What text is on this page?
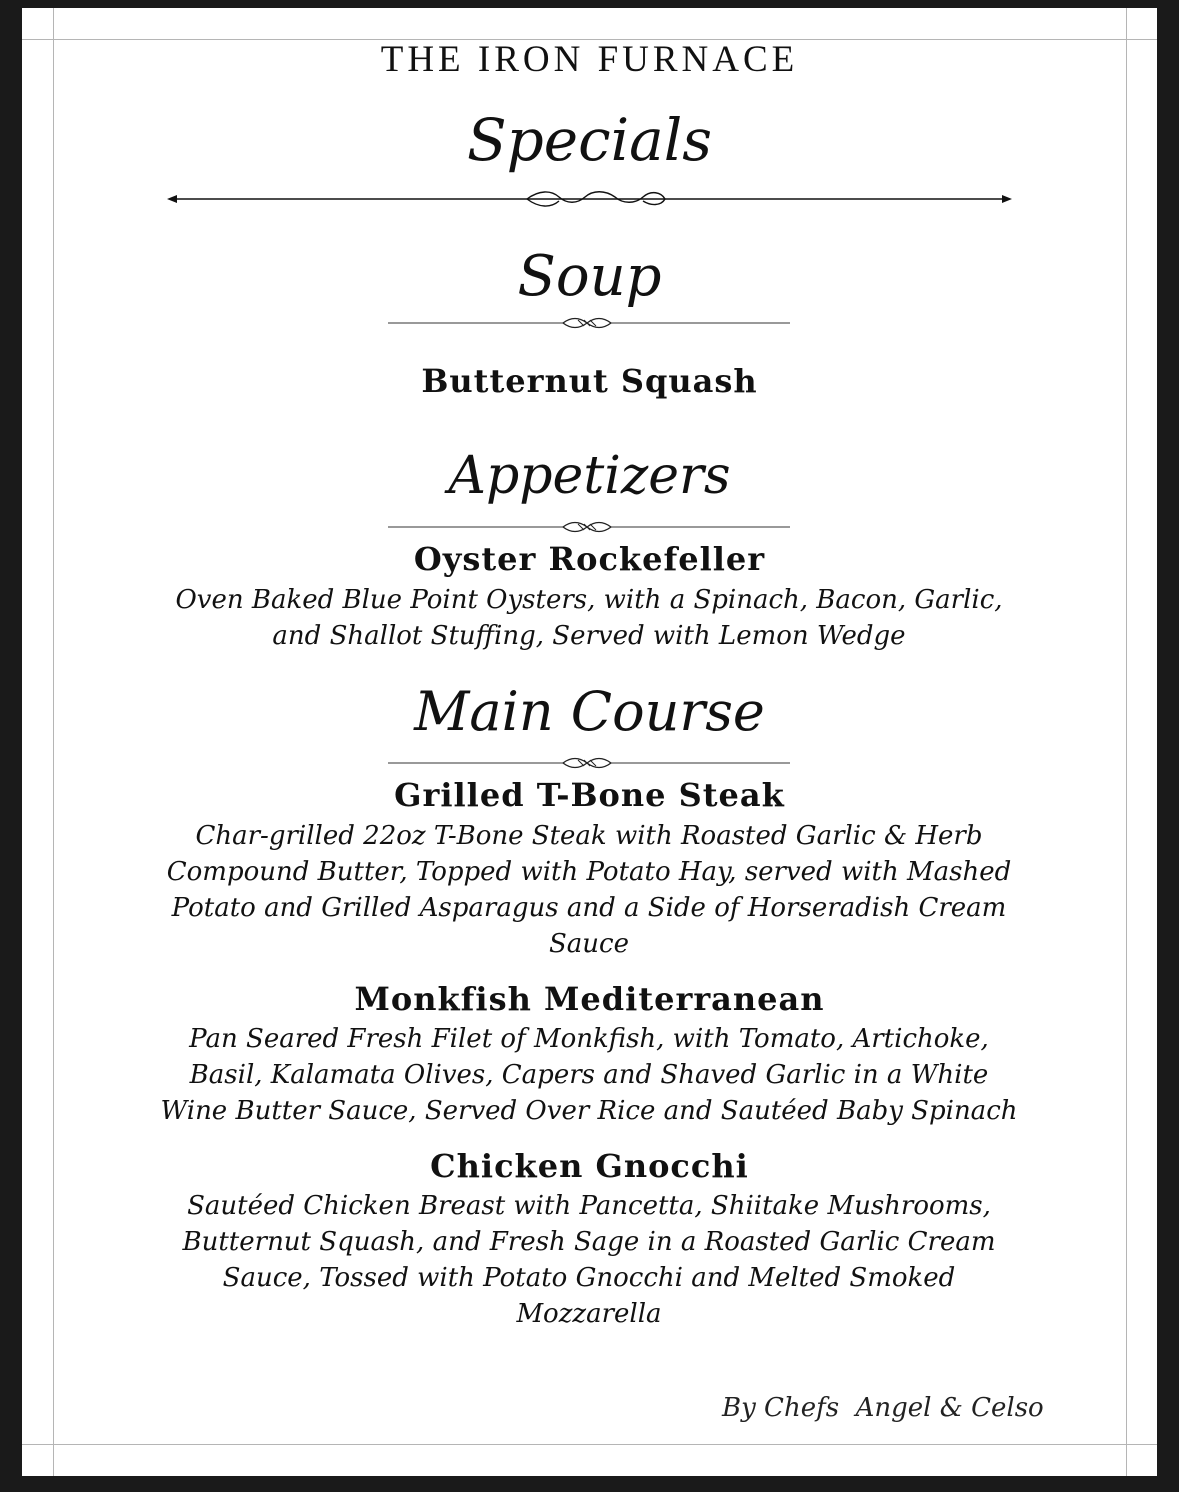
THE IRON FURNACE
Specials
Soup
Butternut Squash
Appetizers
Oyster Rockefeller
Oven Baked Blue Point Oysters, with a Spinach, Bacon, Garlic, and Shallot Stuffing, Served with Lemon Wedge
Main Course
Grilled T-Bone Steak
Char-grilled 22oz T-Bone Steak with Roasted Garlic & Herb Compound Butter, Topped with Potato Hay, served with Mashed Potato and Grilled Asparagus and a Side of Horseradish Cream Sauce
Monkfish Mediterranean
Pan Seared Fresh Filet of Monkfish, with Tomato, Artichoke, Basil, Kalamata Olives, Capers and Shaved Garlic in a White Wine Butter Sauce, Served Over Rice and Sautéed Baby Spinach
Chicken Gnocchi
Sautéed Chicken Breast with Pancetta, Shiitake Mushrooms, Butternut Squash, and Fresh Sage in a Roasted Garlic Cream Sauce, Tossed with Potato Gnocchi and Melted Smoked Mozzarella
By Chefs  Angel & Celso
